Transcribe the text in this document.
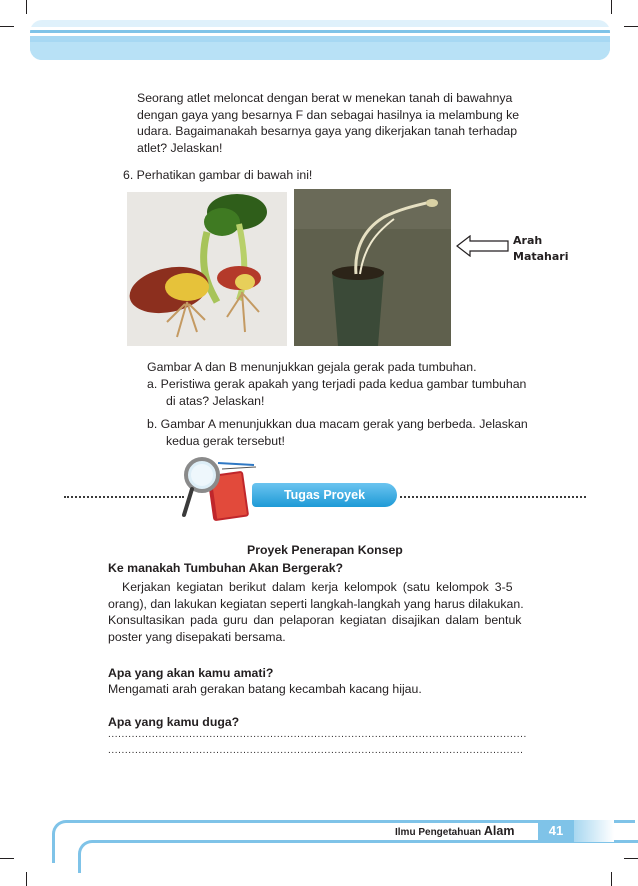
Seorang atlet meloncat dengan berat w menekan tanah di bawahnya
dengan gaya yang besarnya F dan sebagai hasilnya ia melambung ke
udara. Bagaimanakah besarnya gaya yang dikerjakan tanah terhadap
atlet? Jelaskan!
6. Perhatikan gambar di bawah ini!
Arah
Matahari
Gambar A dan B menunjukkan gejala gerak pada tumbuhan.
a. Peristiwa gerak apakah yang terjadi pada kedua gambar tumbuhan
di atas? Jelaskan!
b. Gambar A menunjukkan dua macam gerak yang berbeda. Jelaskan
kedua gerak tersebut!
Tugas Proyek
Proyek Penerapan Konsep
Ke manakah Tumbuhan Akan Bergerak?
Kerjakan kegiatan berikut dalam kerja kelompok (satu kelompok 3-5
orang), dan lakukan kegiatan seperti langkah-langkah yang harus dilakukan.
Konsultasikan pada guru dan pelaporan kegiatan disajikan dalam bentuk
poster yang disepakati bersama.
Apa yang akan kamu amati?
Mengamati arah gerakan batang kecambah kacang hijau.
Apa yang kamu duga?
............................................................................................................................
...........................................................................................................................
Ilmu Pengetahuan Alam	41
